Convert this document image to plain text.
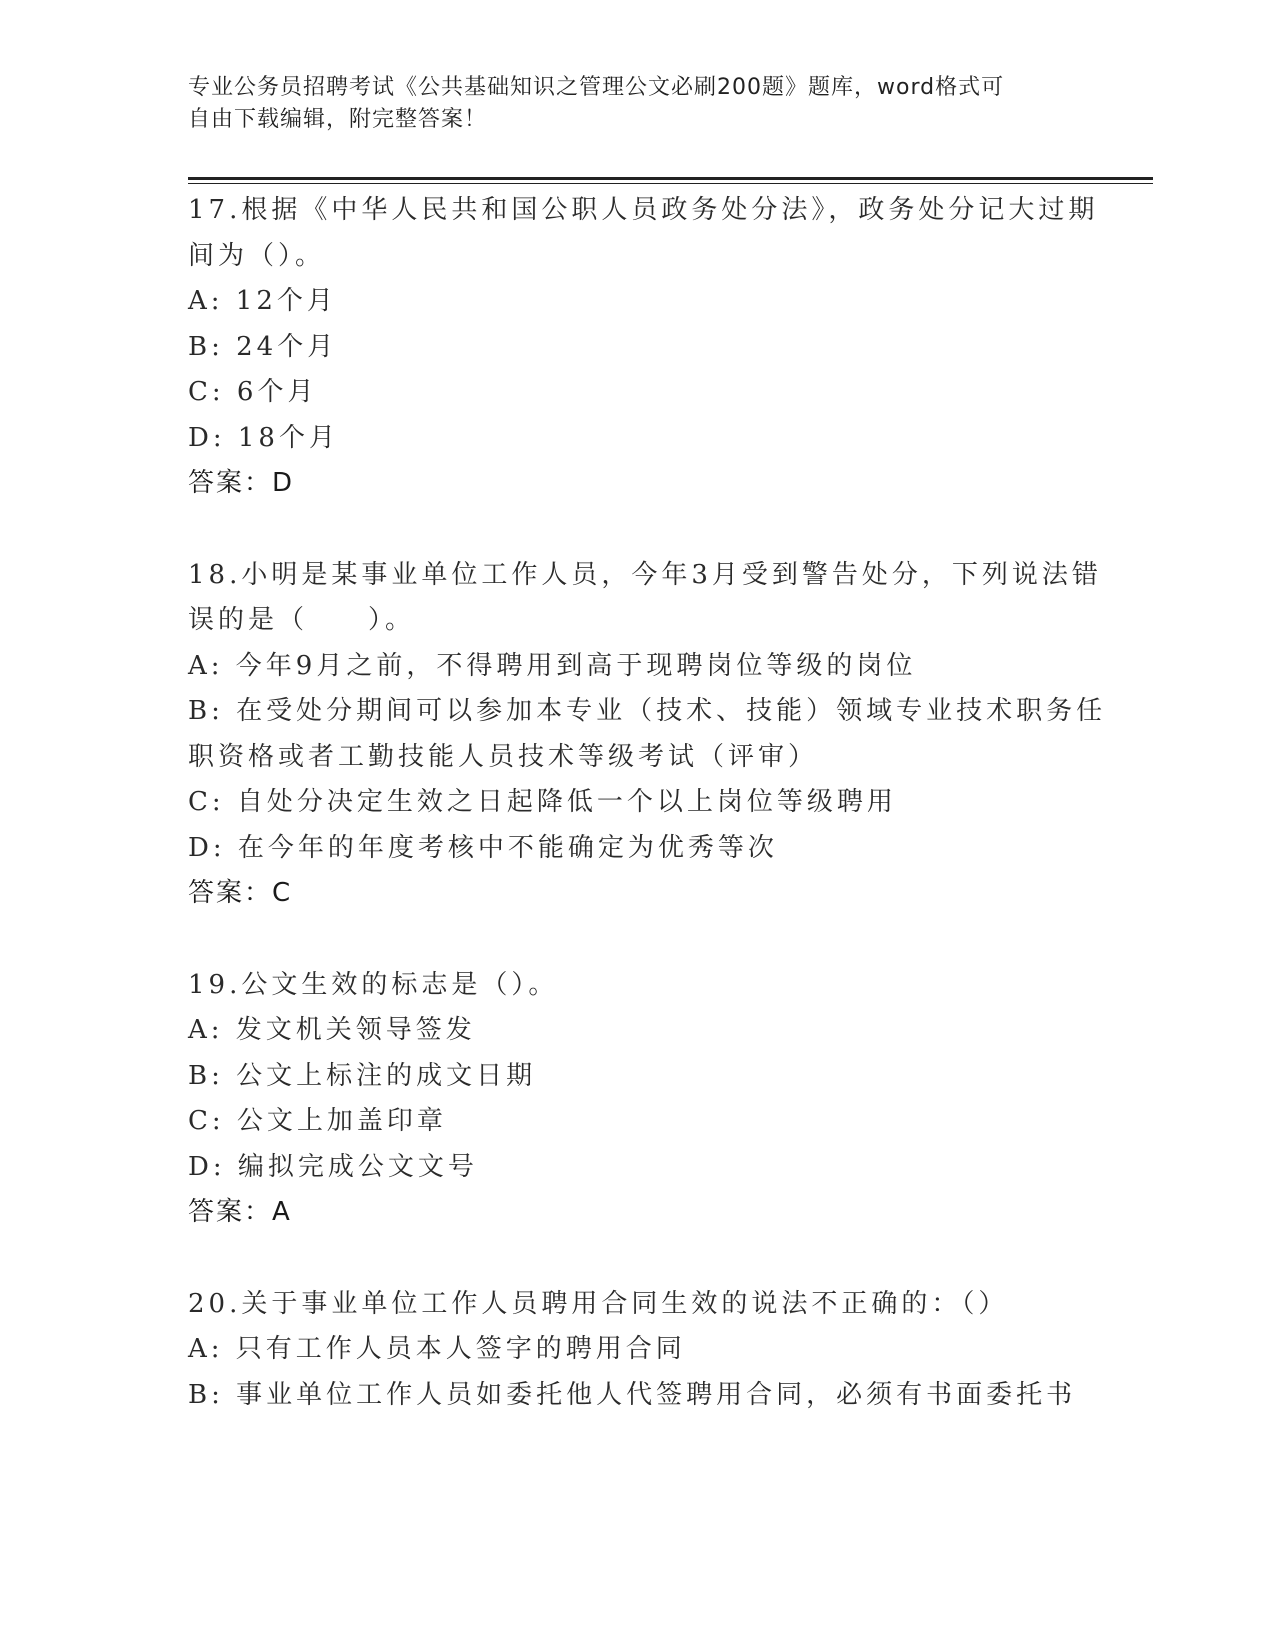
专业公务员招聘考试《公共基础知识之管理公文必刷200题》题库，word格式可
自由下载编辑，附完整答案！
17.根据《中华人民共和国公职人员政务处分法》，政务处分记大过期
间为（）。
A: 12个月
B: 24个月
C: 6个月
D: 18个月
答案：D
18.小明是某事业单位工作人员，今年3月受到警告处分，下列说法错
误的是（　　）。
A: 今年9月之前，不得聘用到高于现聘岗位等级的岗位
B: 在受处分期间可以参加本专业（技术、技能）领域专业技术职务任
职资格或者工勤技能人员技术等级考试（评审）
C: 自处分决定生效之日起降低一个以上岗位等级聘用
D: 在今年的年度考核中不能确定为优秀等次
答案：C
19.公文生效的标志是（）。
A: 发文机关领导签发
B: 公文上标注的成文日期
C: 公文上加盖印章
D: 编拟完成公文文号
答案：A
20.关于事业单位工作人员聘用合同生效的说法不正确的：（）
A: 只有工作人员本人签字的聘用合同
B: 事业单位工作人员如委托他人代签聘用合同，必须有书面委托书
